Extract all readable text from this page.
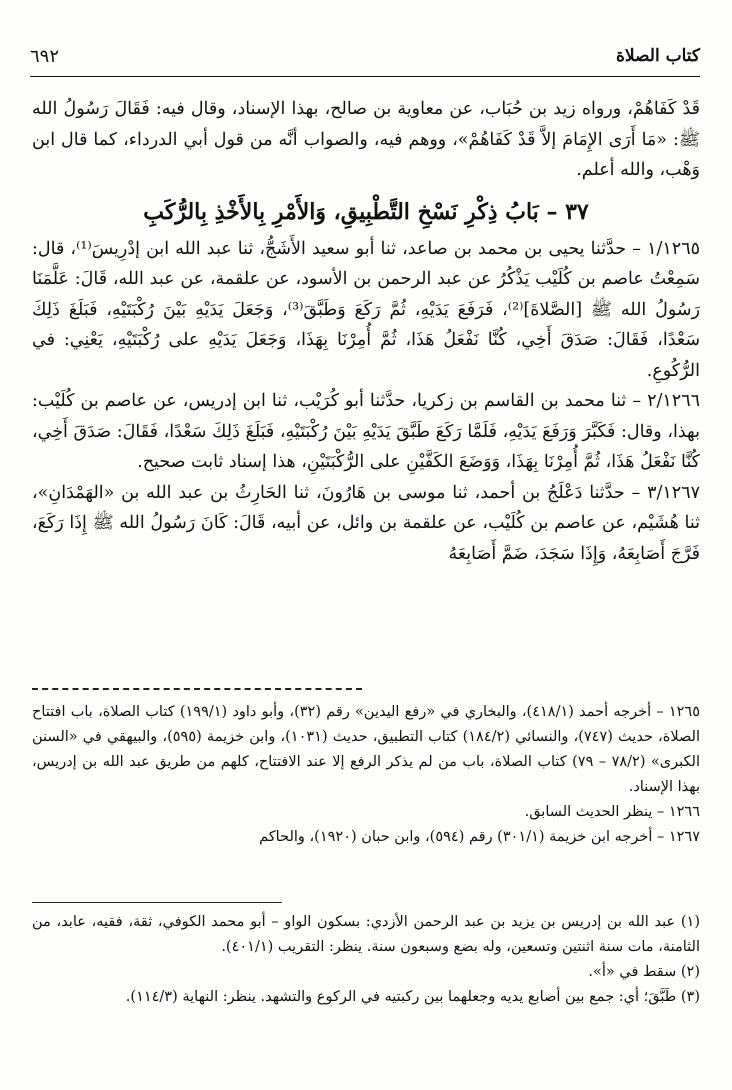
كتاب الصلاة
٦٩٢

قَدْ كَفَاهُمْ، ورواه زيد بن حُبَاب، عن معاوية بن صالح، بهذا الإسناد، وقال فيه: فَقَالَ رَسُولُ الله ﷺ: «مَا أَرَى الإِمَامَ إلاَّ قَدْ كَفَاهُمْ»، ووهم فيه، والصواب أنَّه من قول أبي الدرداء، كما قال ابن وَهْب، والله أعلم.

٣٧ – بَابُ ذِكْرِ نَسْخِ التَّطْبِيقِ، وَالأَمْرِ بِالأَخْذِ بِالرُّكَبِ

١/١٢٦٥ – حدَّثنا يحيى بن محمد بن صاعد، ثنا أبو سعيد الأَشَجُّ، ثنا عبد الله ابن إدْرِيسَ⁽¹⁾، قال: سَمِعْتُ عاصم بن كُلَيْب يَذْكُرُ عن عبد الرحمن بن الأسود، عن علقمة، عن عبد الله، قَالَ: عَلَّمَنَا رَسُولُ الله ﷺ [الصَّلاةَ]⁽²⁾، فَرَفَعَ يَدَيْهِ، ثُمَّ رَكَعَ وَطَبَّقَ⁽³⁾، وَجَعَلَ يَدَيْهِ بَيْنَ رُكْبَتَيْهِ، فَبَلَغَ ذَلِكَ سَعْدًا، فَقَالَ: صَدَقَ أَخِي، كُنَّا نَفْعَلُ هَذَا، ثُمَّ أُمِرْنَا بِهَذَا، وَجَعَلَ يَدَيْهِ على رُكْبَتَيْهِ، يَعْنِي: في الرُّكُوعِ.

٢/١٢٦٦ – ثنا محمد بن القاسم بن زكريا، حدَّثنا أبو كُرَيْب، ثنا ابن إدريس، عن عاصم بن كُلَيْب: بهذا، وقال: فَكَبَّرَ وَرَفَعَ يَدَيْهِ، فَلَمَّا رَكَعَ طَبَّقَ يَدَيْهِ بَيْنَ رُكْبَتَيْهِ، فَبَلَغَ ذَلِكَ سَعْدًا، فَقَالَ: صَدَقَ أَخِي، كُنَّا نَفْعَلُ هَذَا، ثُمَّ أُمِرْنَا بِهَذَا، وَوَضَعَ الكَفَّيْنِ على الرُّكْبَتَيْنِ، هذا إسناد ثابت صحيح.

٣/١٢٦٧ – حدَّثنا دَعْلَجُ بن أحمد، ثنا موسى بن هَارُونَ، ثنا الحَارِثُ بن عبد الله بن «الهَمْدَانِ»، ثنا هُشَيْم، عن عاصم بن كُلَيْب، عن علقمة بن وائل، عن أبيه، قَالَ: كَانَ رَسُولُ الله ﷺ إِذَا رَكَعَ، فَرَّجَ أَصَابِعَهُ، وَإِذَا سَجَدَ، ضَمَّ أَصَابِعَهُ

١٢٦٥ – أخرجه أحمد (٤١٨/١)، والبخاري في «رفع اليدين» رقم (٣٢)، وأبو داود (١٩٩/١) كتاب الصلاة، باب افتتاح الصلاة، حديث (٧٤٧)، والنسائي (١٨٤/٢) كتاب التطبيق، حديث (١٠٣١)، وابن خزيمة (٥٩٥)، والبيهقي في «السنن الكبرى» (٧٨/٢ – ٧٩) كتاب الصلاة، باب من لم يذكر الرفع إلا عند الافتتاح، كلهم من طريق عبد الله بن إدريس، بهذا الإسناد.

١٢٦٦ – ينظر الحديث السابق.

١٢٦٧ – أخرجه ابن خزيمة (٣٠١/١) رقم (٥٩٤)، وابن حبان (١٩٢٠)، والحاكم

(١) عبد الله بن إدريس بن يزيد بن عبد الرحمن الأزدي: بسكون الواو – أبو محمد الكوفي، ثقة، فقيه، عابد، من الثامنة، مات سنة اثنتين وتسعين، وله بضع وسبعون سنة. ينظر: التقريب (٤٠١/١).

(٢) سقط في «أ».

(٣) طَبَّقَ؛ أي: جمع بين أصابع يديه وجعلهما بين ركبتيه في الركوع والتشهد. ينظر: النهاية (١١٤/٣).
